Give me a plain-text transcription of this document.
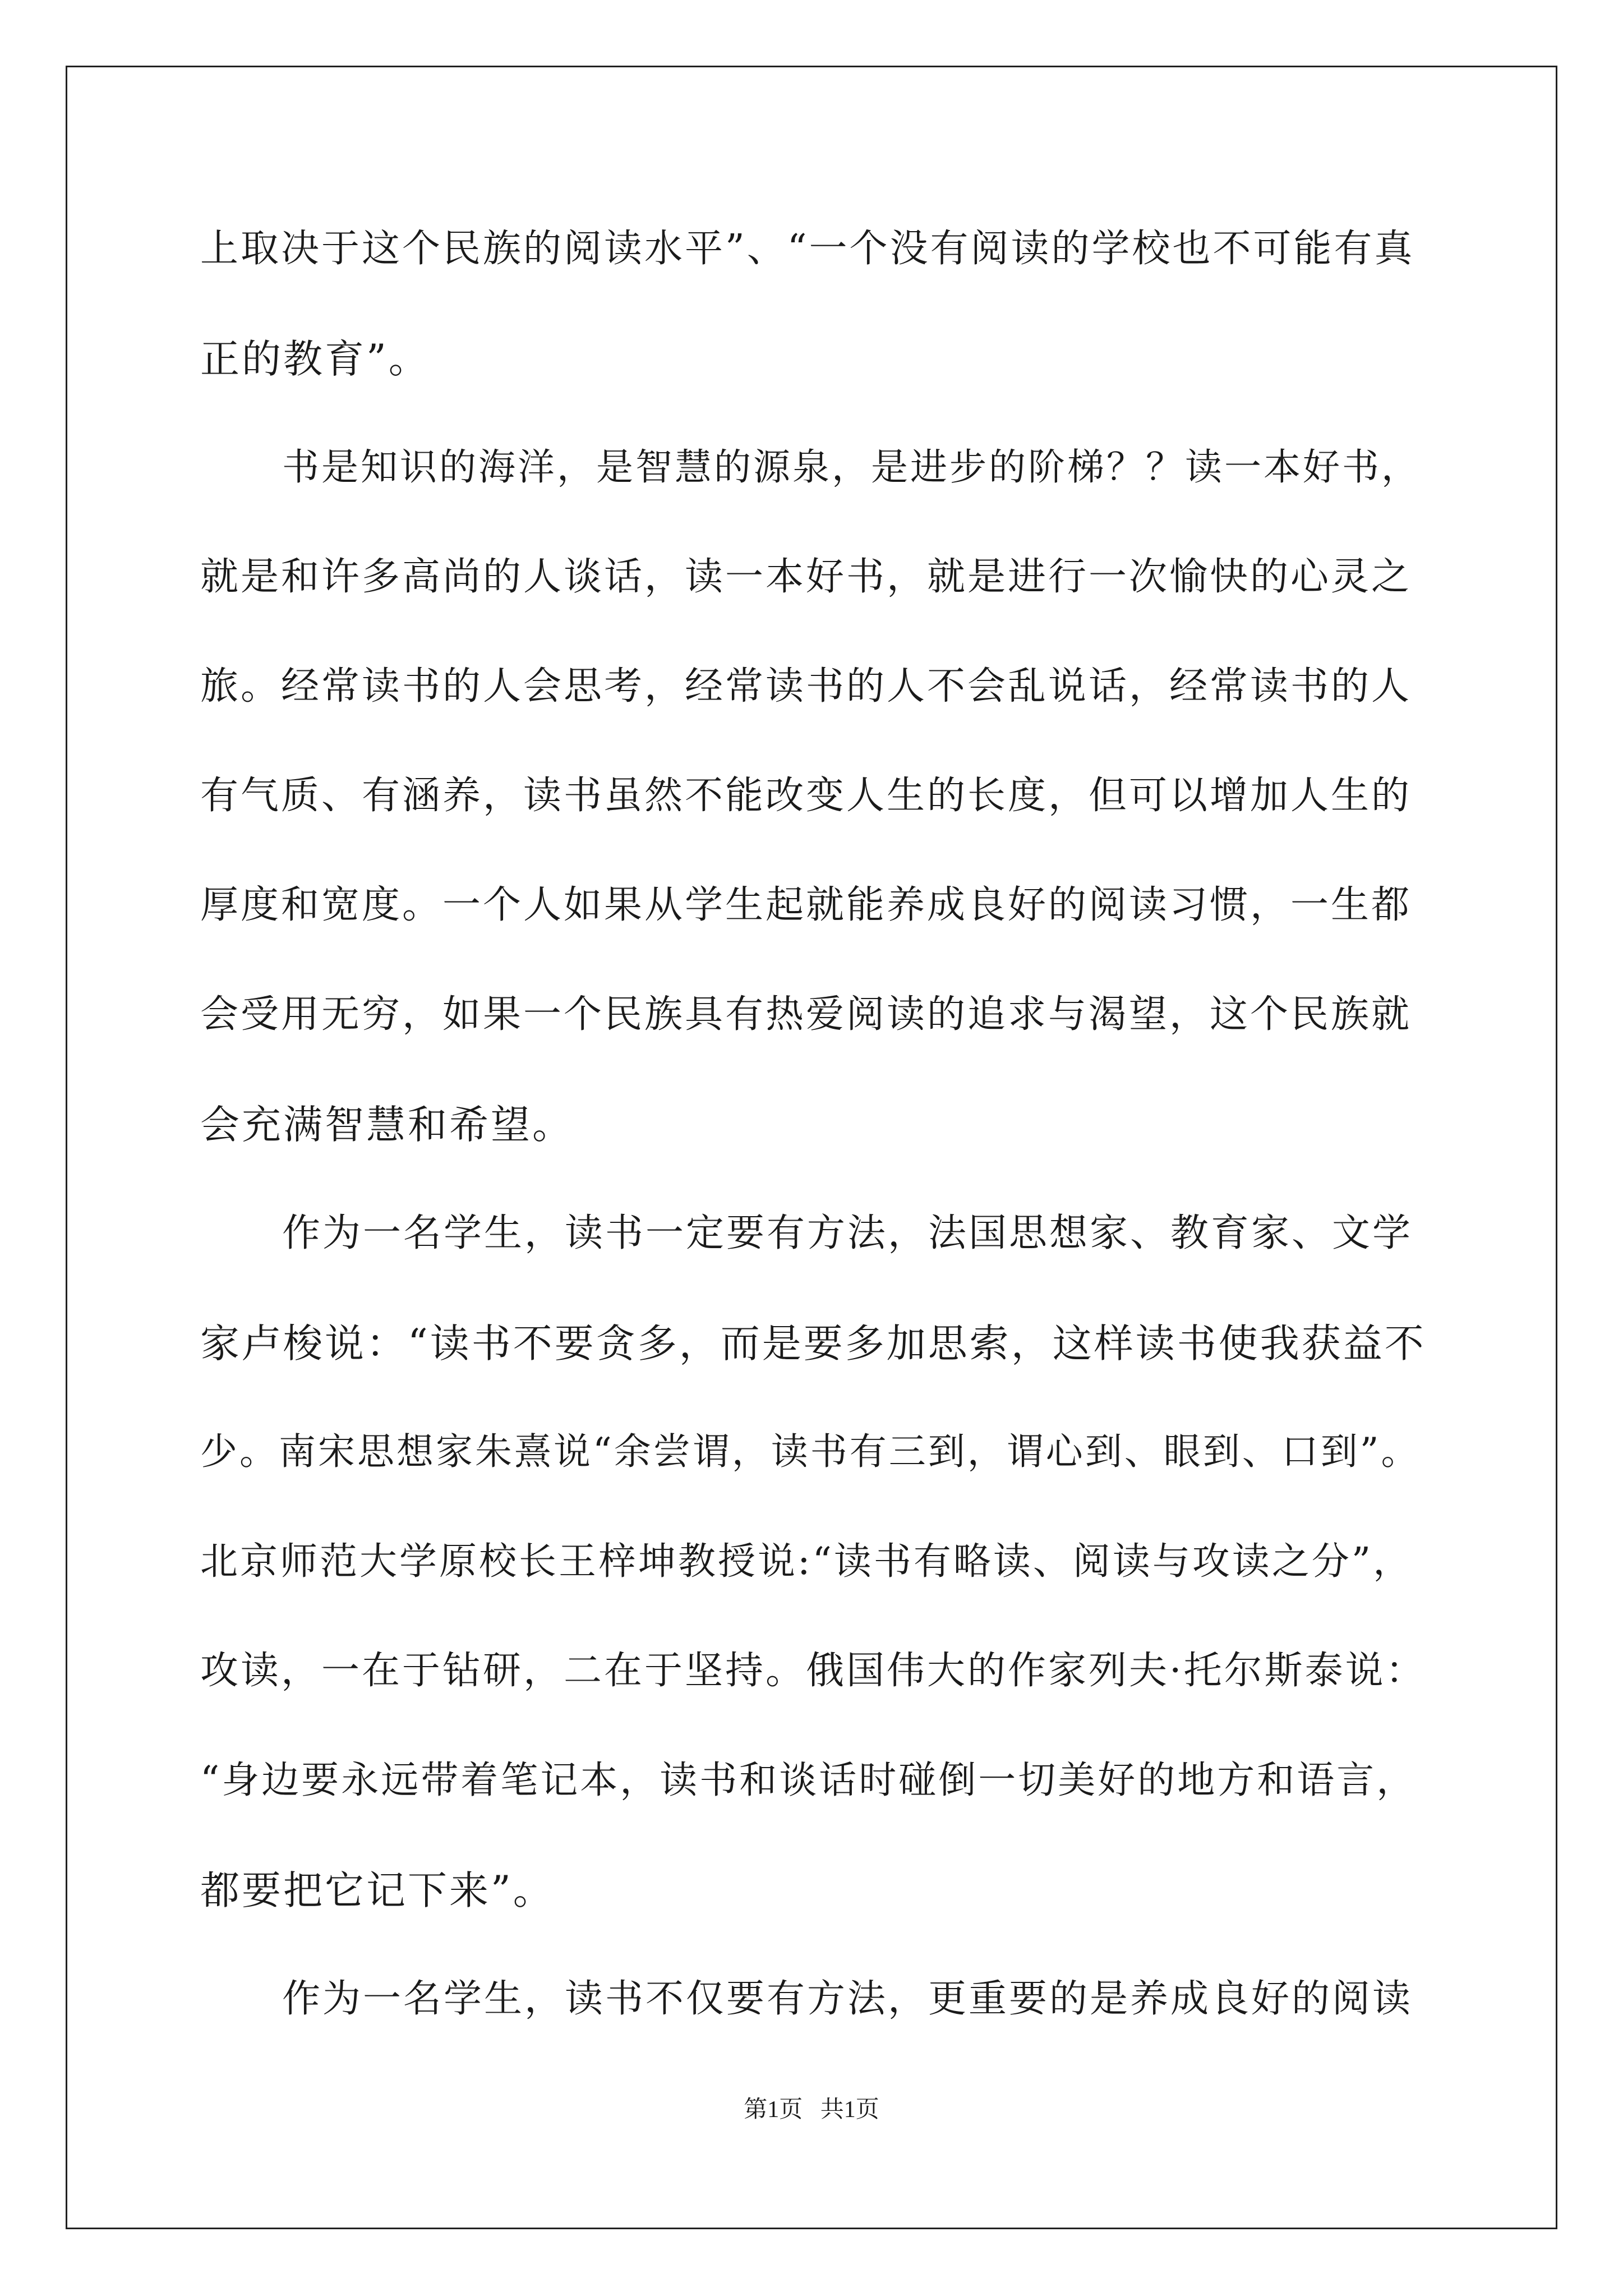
上取决于这个民族的阅读水平”、“一个没有阅读的学校也不可能有真

正的教育”。

书是知识的海洋，是智慧的源泉，是进步的阶梯？？读一本好书，

就是和许多高尚的人谈话，读一本好书，就是进行一次愉快的心灵之

旅。经常读书的人会思考，经常读书的人不会乱说话，经常读书的人

有气质、有涵养，读书虽然不能改变人生的长度，但可以增加人生的

厚度和宽度。一个人如果从学生起就能养成良好的阅读习惯，一生都

会受用无穷，如果一个民族具有热爱阅读的追求与渴望，这个民族就

会充满智慧和希望。

作为一名学生，读书一定要有方法，法国思想家、教育家、文学

家卢梭说：“读书不要贪多，而是要多加思索，这样读书使我获益不

少。南宋思想家朱熹说“余尝谓，读书有三到，谓心到、眼到、口到”。

北京师范大学原校长王梓坤教授说:“读书有略读、阅读与攻读之分”，

攻读，一在于钻研，二在于坚持。俄国伟大的作家列夫·托尔斯泰说：

“身边要永远带着笔记本，读书和谈话时碰倒一切美好的地方和语言，

都要把它记下来”。

作为一名学生，读书不仅要有方法，更重要的是养成良好的阅读

第1页   共1页
